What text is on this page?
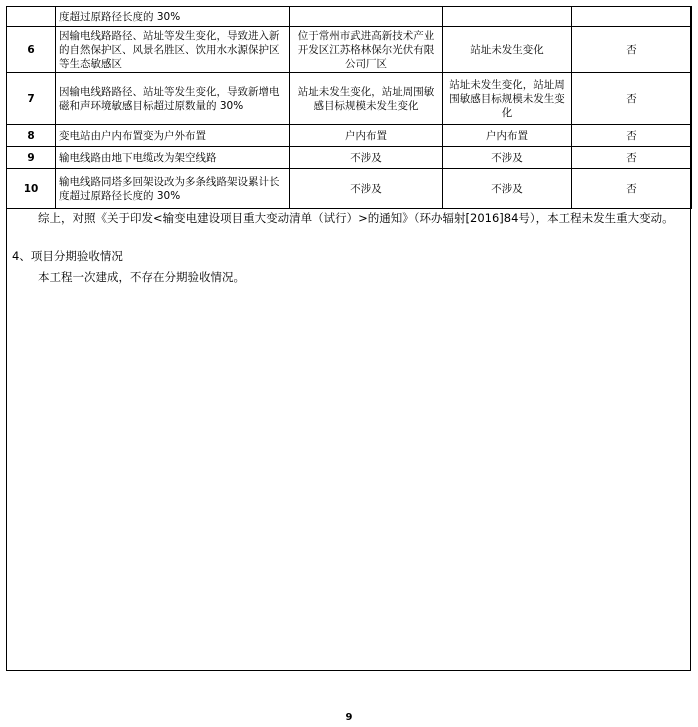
	度超过原路径长度的 30%			
6	因输电线路路径、站址等发生变化，导致进入新的自然保护区、风景名胜区、饮用水水源保护区等生态敏感区	位于常州市武进高新技术产业开发区江苏格林保尔光伏有限公司厂区	站址未发生变化	否
7	因输电线路路径、站址等发生变化，导致新增电磁和声环境敏感目标超过原数量的 30%	站址未发生变化，站址周围敏感目标规模未发生变化	站址未发生变化，站址周围敏感目标规模未发生变化	否
8	变电站由户内布置变为户外布置	户内布置	户内布置	否
9	输电线路由地下电缆改为架空线路	不涉及	不涉及	否
10	输电线路同塔多回架设改为多条线路架设累计长度超过原路径长度的 30%	不涉及	不涉及	否
综上，对照《关于印发<输变电建设项目重大变动清单（试行）>的通知》（环办辐射[2016]84号），本工程未发生重大变动。
4、项目分期验收情况
本工程一次建成，不存在分期验收情况。
9
